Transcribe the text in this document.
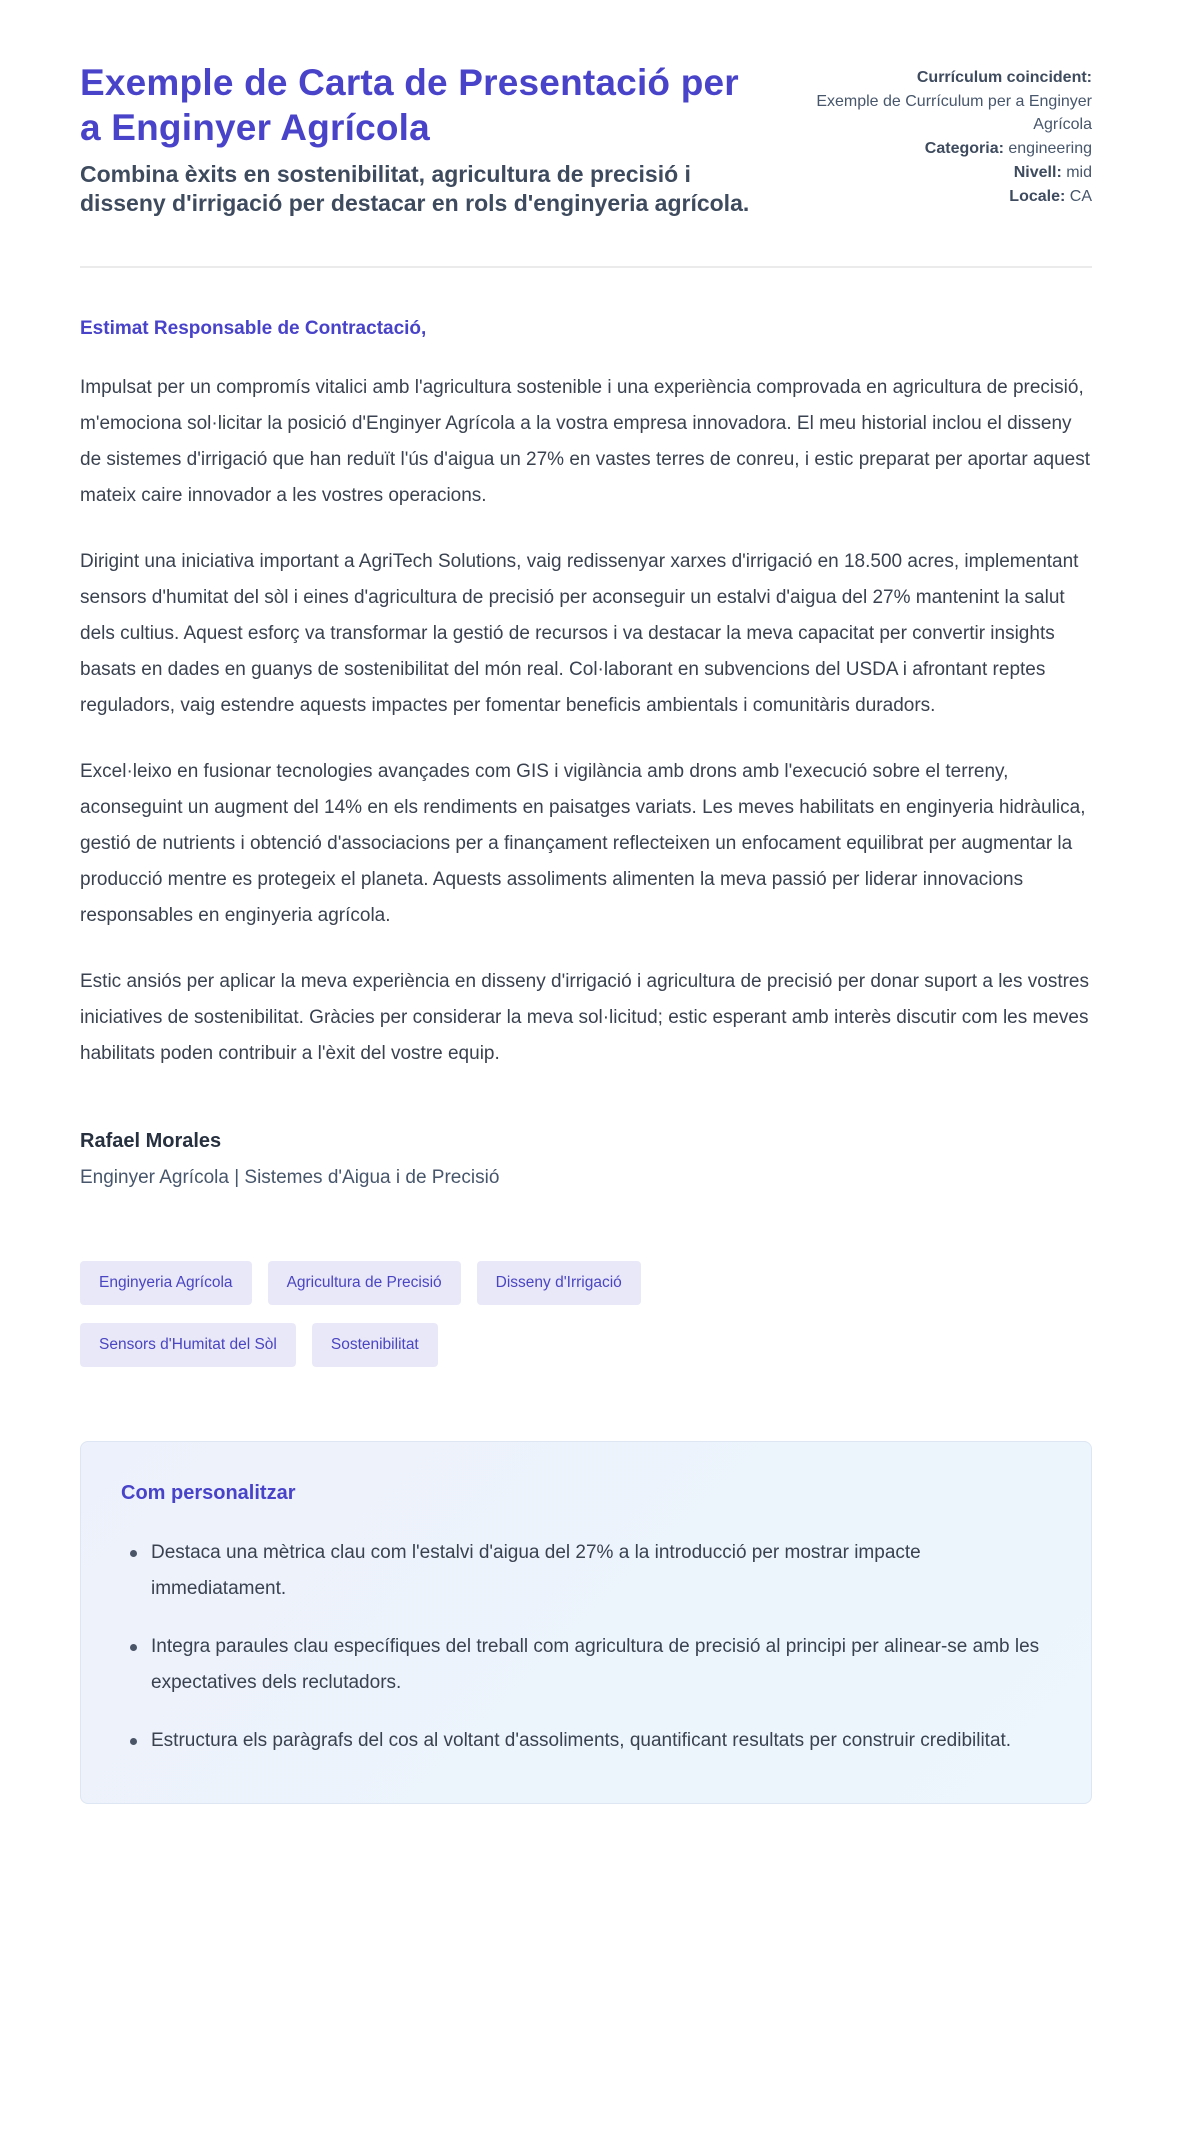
Exemple de Carta de Presentació per a Enginyer Agrícola
Combina èxits en sostenibilitat, agricultura de precisió i disseny d'irrigació per destacar en rols d'enginyeria agrícola.
Currículum coincident:
Exemple de Currículum per a Enginyer Agrícola
Categoria: engineering
Nivell: mid
Locale: CA

Estimat Responsable de Contractació,

Impulsat per un compromís vitalici amb l'agricultura sostenible i una experiència comprovada en agricultura de precisió, m'emociona sol·licitar la posició d'Enginyer Agrícola a la vostra empresa innovadora. El meu historial inclou el disseny de sistemes d'irrigació que han reduït l'ús d'aigua un 27% en vastes terres de conreu, i estic preparat per aportar aquest mateix caire innovador a les vostres operacions.

Dirigint una iniciativa important a AgriTech Solutions, vaig redissenyar xarxes d'irrigació en 18.500 acres, implementant sensors d'humitat del sòl i eines d'agricultura de precisió per aconseguir un estalvi d'aigua del 27% mantenint la salut dels cultius. Aquest esforç va transformar la gestió de recursos i va destacar la meva capacitat per convertir insights basats en dades en guanys de sostenibilitat del món real. Col·laborant en subvencions del USDA i afrontant reptes reguladors, vaig estendre aquests impactes per fomentar beneficis ambientals i comunitàris duradors.

Excel·leixo en fusionar tecnologies avançades com GIS i vigilància amb drons amb l'execució sobre el terreny, aconseguint un augment del 14% en els rendiments en paisatges variats. Les meves habilitats en enginyeria hidràulica, gestió de nutrients i obtenció d'associacions per a finançament reflecteixen un enfocament equilibrat per augmentar la producció mentre es protegeix el planeta. Aquests assoliments alimenten la meva passió per liderar innovacions responsables en enginyeria agrícola.

Estic ansiós per aplicar la meva experiència en disseny d'irrigació i agricultura de precisió per donar suport a les vostres iniciatives de sostenibilitat. Gràcies per considerar la meva sol·licitud; estic esperant amb interès discutir com les meves habilitats poden contribuir a l'èxit del vostre equip.

Rafael Morales
Enginyer Agrícola | Sistemes d'Aigua i de Precisió
Enginyeria Agrícola	Agricultura de Precisió	Disseny d'Irrigació
Sensors d'Humitat del Sòl	Sostenibilitat
Com personalitzar
Destaca una mètrica clau com l'estalvi d'aigua del 27% a la introducció per mostrar impacte immediatament.
Integra paraules clau específiques del treball com agricultura de precisió al principi per alinear-se amb les expectatives dels reclutadors.
Estructura els paràgrafs del cos al voltant d'assoliments, quantificant resultats per construir credibilitat.
